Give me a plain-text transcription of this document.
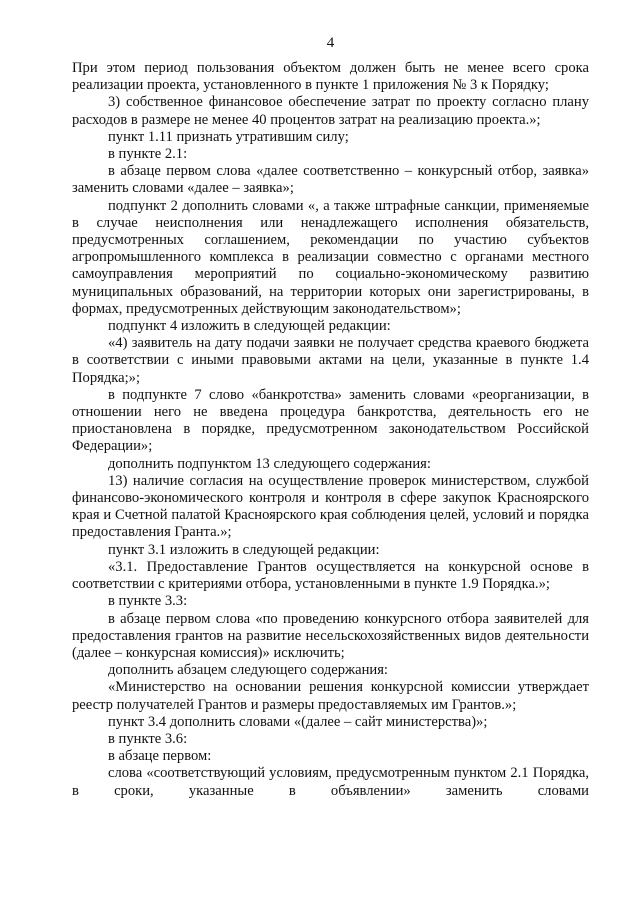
4

При этом период пользования объектом должен быть не менее всего срока реализации проекта, установленного в пункте 1 приложения № 3 к Порядку;

3) собственное финансовое обеспечение затрат по проекту согласно плану расходов в размере не менее 40 процентов затрат на реализацию проекта.»;

пункт 1.11 признать утратившим силу;

в пункте 2.1:

в абзаце первом слова «далее соответственно – конкурсный отбор, заявка» заменить словами «далее – заявка»;

подпункт 2 дополнить словами «, а также штрафные санкции, применяемые в случае неисполнения или ненадлежащего исполнения обязательств, предусмотренных соглашением, рекомендации по участию субъектов агропромышленного комплекса в реализации совместно с органами местного самоуправления мероприятий по социально-экономическому развитию муниципальных образований, на территории которых они зарегистрированы, в формах, предусмотренных действующим законодательством»;

подпункт 4 изложить в следующей редакции:

«4) заявитель на дату подачи заявки не получает средства краевого бюджета в соответствии с иными правовыми актами на цели, указанные в пункте 1.4 Порядка;»;

в подпункте 7 слово «банкротства» заменить словами «реорганизации, в отношении него не введена процедура банкротства, деятельность его не приостановлена в порядке, предусмотренном законодательством Российской Федерации»;

дополнить подпунктом 13 следующего содержания:

13) наличие согласия на осуществление проверок министерством, службой финансово-экономического контроля и контроля в сфере закупок Красноярского края и Счетной палатой Красноярского края соблюдения целей, условий и порядка предоставления Гранта.»;

пункт 3.1 изложить в следующей редакции:

«3.1. Предоставление Грантов осуществляется на конкурсной основе в соответствии с критериями отбора, установленными в пункте 1.9 Порядка.»;

в пункте 3.3:

в абзаце первом слова «по проведению конкурсного отбора заявителей для предоставления грантов на развитие несельскохозяйственных видов деятельности (далее – конкурсная комиссия)» исключить;

дополнить абзацем следующего содержания:

«Министерство на основании решения конкурсной комиссии утверждает реестр получателей Грантов и размеры предоставляемых им Грантов.»;

пункт 3.4 дополнить словами «(далее – сайт министерства)»;

в пункте 3.6:

в абзаце первом:

слова «соответствующий условиям, предусмотренным пунктом 2.1 Порядка, в сроки, указанные в объявлении» заменить словами
